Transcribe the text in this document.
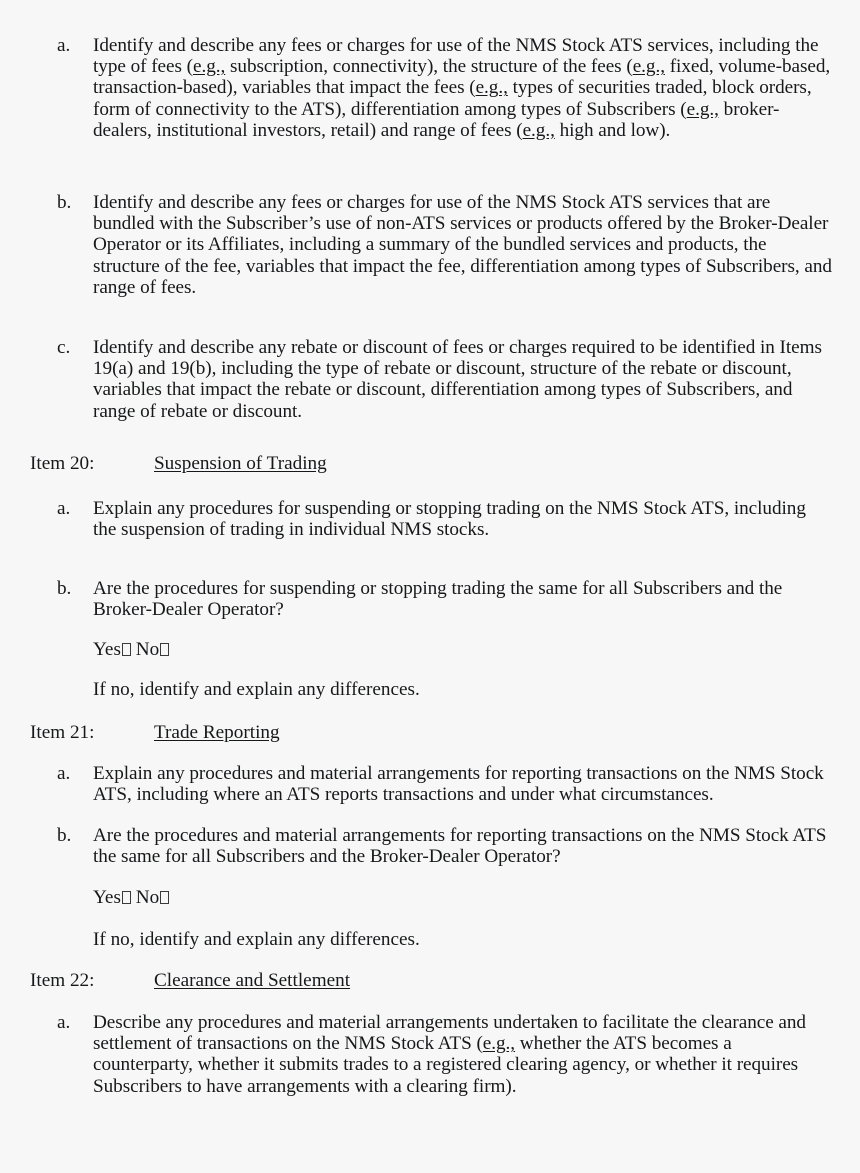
a.	Identify and describe any fees or charges for use of the NMS Stock ATS services, including the type of fees (e.g., subscription, connectivity), the structure of the fees (e.g., fixed, volume-based, transaction-based), variables that impact the fees (e.g., types of securities traded, block orders, form of connectivity to the ATS), differentiation among types of Subscribers (e.g., broker-dealers, institutional investors, retail) and range of fees (e.g., high and low).
b.	Identify and describe any fees or charges for use of the NMS Stock ATS services that are bundled with the Subscriber’s use of non-ATS services or products offered by the Broker-Dealer Operator or its Affiliates, including a summary of the bundled services and products, the structure of the fee, variables that impact the fee, differentiation among types of Subscribers, and range of fees.
c.	Identify and describe any rebate or discount of fees or charges required to be identified in Items 19(a) and 19(b), including the type of rebate or discount, structure of the rebate or discount, variables that impact the rebate or discount, differentiation among types of Subscribers, and range of rebate or discount.
Item 20:	Suspension of Trading
a.	Explain any procedures for suspending or stopping trading on the NMS Stock ATS, including the suspension of trading in individual NMS stocks.
b.	Are the procedures for suspending or stopping trading the same for all Subscribers and the Broker-Dealer Operator?
Yes No
If no, identify and explain any differences.
Item 21:	Trade Reporting
a.	Explain any procedures and material arrangements for reporting transactions on the NMS Stock ATS, including where an ATS reports transactions and under what circumstances.
b.	Are the procedures and material arrangements for reporting transactions on the NMS Stock ATS the same for all Subscribers and the Broker-Dealer Operator?
Yes No
If no, identify and explain any differences.
Item 22:	Clearance and Settlement
a.	Describe any procedures and material arrangements undertaken to facilitate the clearance and settlement of transactions on the NMS Stock ATS (e.g., whether the ATS becomes a counterparty, whether it submits trades to a registered clearing agency, or whether it requires Subscribers to have arrangements with a clearing firm).
